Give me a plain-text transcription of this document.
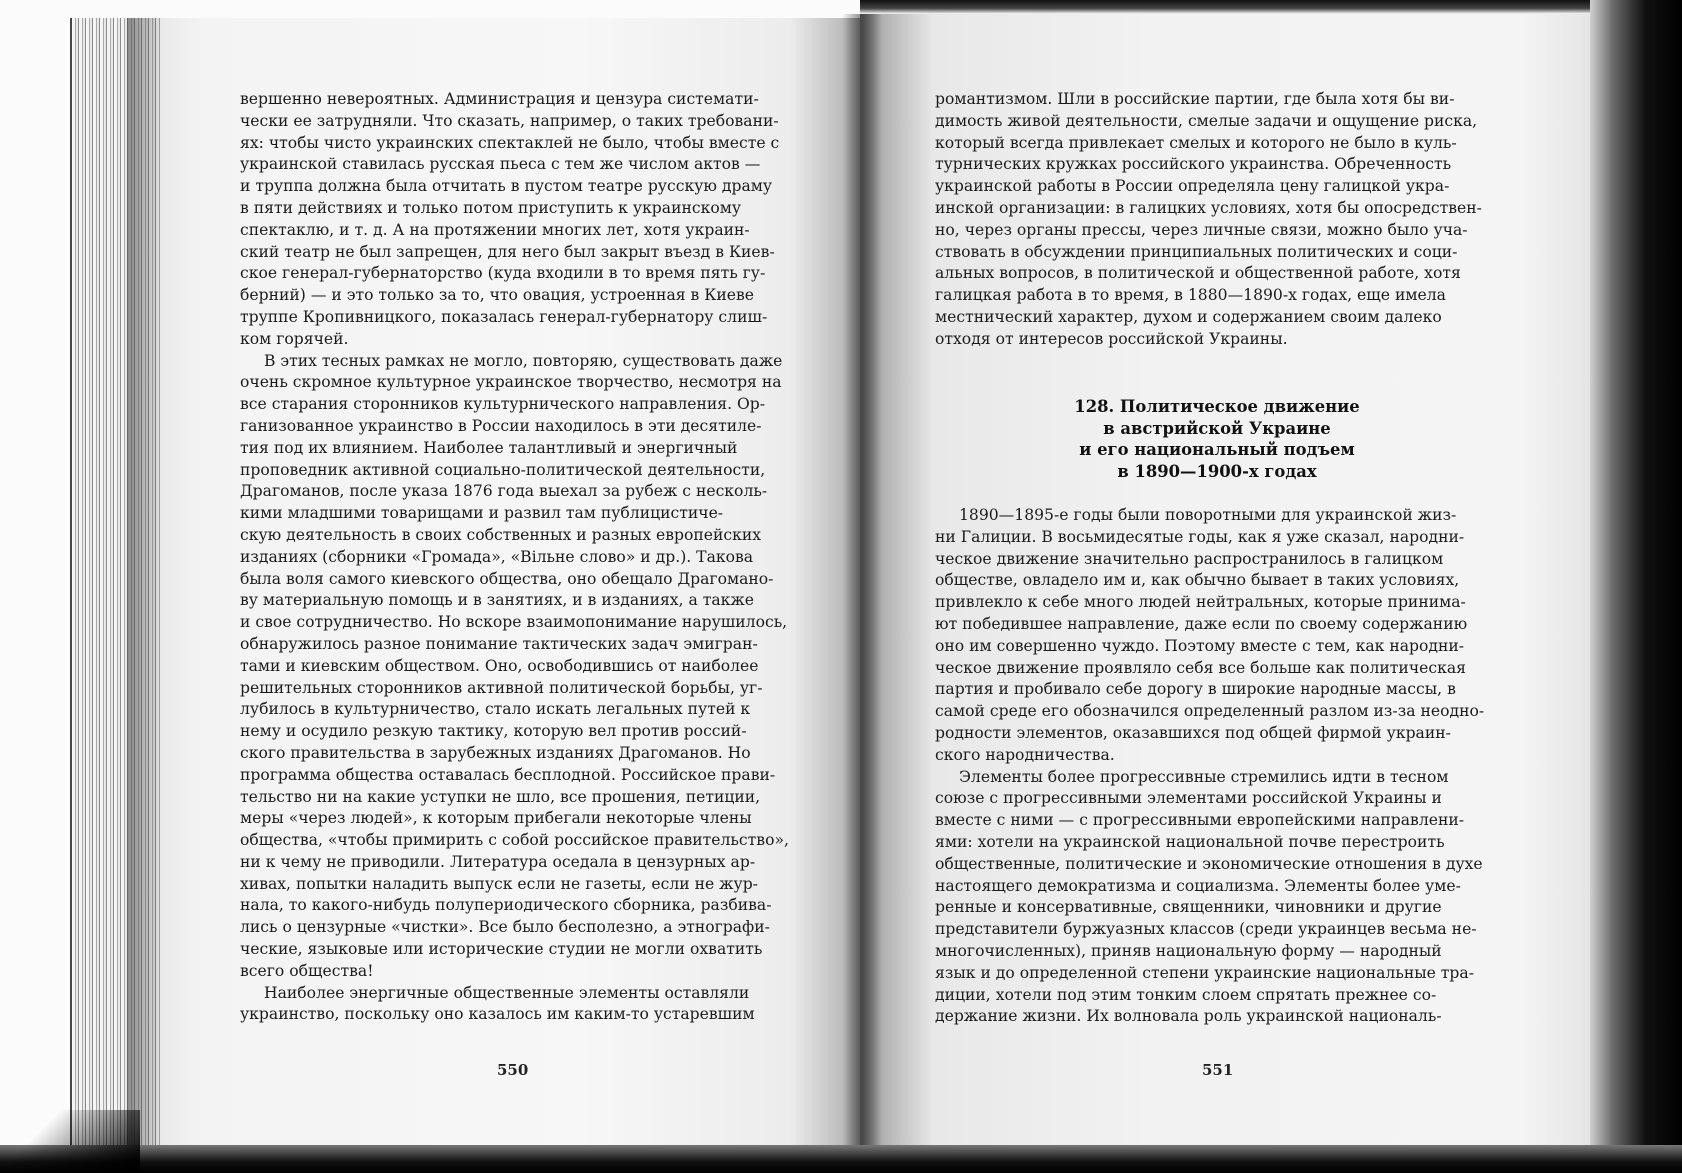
вершенно невероятных. Администрация и цензура системати-
чески ее затрудняли. Что сказать, например, о таких требовани-
ях: чтобы чисто украинских спектаклей не было, чтобы вместе с
украинской ставилась русская пьеса с тем же числом актов —
и труппа должна была отчитать в пустом театре русскую драму
в пяти действиях и только потом приступить к украинскому
спектаклю, и т. д. А на протяжении многих лет, хотя украин-
ский театр не был запрещен, для него был закрыт въезд в Киев-
ское генерал-губернаторство (куда входили в то время пять гу-
берний) — и это только за то, что овация, устроенная в Киеве
труппе Кропивницкого, показалась генерал-губернатору слиш-
ком горячей.
В этих тесных рамках не могло, повторяю, существовать даже
очень скромное культурное украинское творчество, несмотря на
все старания сторонников культурнического направления. Ор-
ганизованное украинство в России находилось в эти десятиле-
тия под их влиянием. Наиболее талантливый и энергичный
проповедник активной социально-политической деятельности,
Драгоманов, после указа 1876 года выехал за рубеж с несколь-
кими младшими товарищами и развил там публицистиче-
скую деятельность в своих собственных и разных европейских
изданиях (сборники «Громада», «Вільне слово» и др.). Такова
была воля самого киевского общества, оно обещало Драгомано-
ву материальную помощь и в занятиях, и в изданиях, а также
и свое сотрудничество. Но вскоре взаимопонимание нарушилось,
обнаружилось разное понимание тактических задач эмигран-
тами и киевским обществом. Оно, освободившись от наиболее
решительных сторонников активной политической борьбы, уг-
лубилось в культурничество, стало искать легальных путей к
нему и осудило резкую тактику, которую вел против россий-
ского правительства в зарубежных изданиях Драгоманов. Но
программа общества оставалась бесплодной. Российское прави-
тельство ни на какие уступки не шло, все прошения, петиции,
меры «через людей», к которым прибегали некоторые члены
общества, «чтобы примирить с собой российское правительство»,
ни к чему не приводили. Литература оседала в цензурных ар-
хивах, попытки наладить выпуск если не газеты, если не жур-
нала, то какого-нибудь полупериодического сборника, разбива-
лись о цензурные «чистки». Все было бесполезно, а этнографи-
ческие, языковые или исторические студии не могли охватить
всего общества!
Наиболее энергичные общественные элементы оставляли
украинство, поскольку оно казалось им каким-то устаревшим
романтизмом. Шли в российские партии, где была хотя бы ви-
димость живой деятельности, смелые задачи и ощущение риска,
который всегда привлекает смелых и которого не было в куль-
турнических кружках российского украинства. Обреченность
украинской работы в России определяла цену галицкой укра-
инской организации: в галицких условиях, хотя бы опосредствен-
но, через органы прессы, через личные связи, можно было уча-
ствовать в обсуждении принципиальных политических и соци-
альных вопросов, в политической и общественной работе, хотя
галицкая работа в то время, в 1880—1890-х годах, еще имела
местнический характер, духом и содержанием своим далеко
отходя от интересов российской Украины.
128. Политическое движение
в австрийской Украине
и его национальный подъем
в 1890—1900-х годах
1890—1895-е годы были поворотными для украинской жиз-
ни Галиции. В восьмидесятые годы, как я уже сказал, народни-
ческое движение значительно распространилось в галицком
обществе, овладело им и, как обычно бывает в таких условиях,
привлекло к себе много людей нейтральных, которые принима-
ют победившее направление, даже если по своему содержанию
оно им совершенно чуждо. Поэтому вместе с тем, как народни-
ческое движение проявляло себя все больше как политическая
партия и пробивало себе дорогу в широкие народные массы, в
самой среде его обозначился определенный разлом из-за неодно-
родности элементов, оказавшихся под общей фирмой украин-
ского народничества.
Элементы более прогрессивные стремились идти в тесном
союзе с прогрессивными элементами российской Украины и
вместе с ними — с прогрессивными европейскими направлени-
ями: хотели на украинской национальной почве перестроить
общественные, политические и экономические отношения в духе
настоящего демократизма и социализма. Элементы более уме-
ренные и консервативные, священники, чиновники и другие
представители буржуазных классов (среди украинцев весьма не-
многочисленных), приняв национальную форму — народный
язык и до определенной степени украинские национальные тра-
диции, хотели под этим тонким слоем спрятать прежнее со-
держание жизни. Их волновала роль украинской националь-
550	551
